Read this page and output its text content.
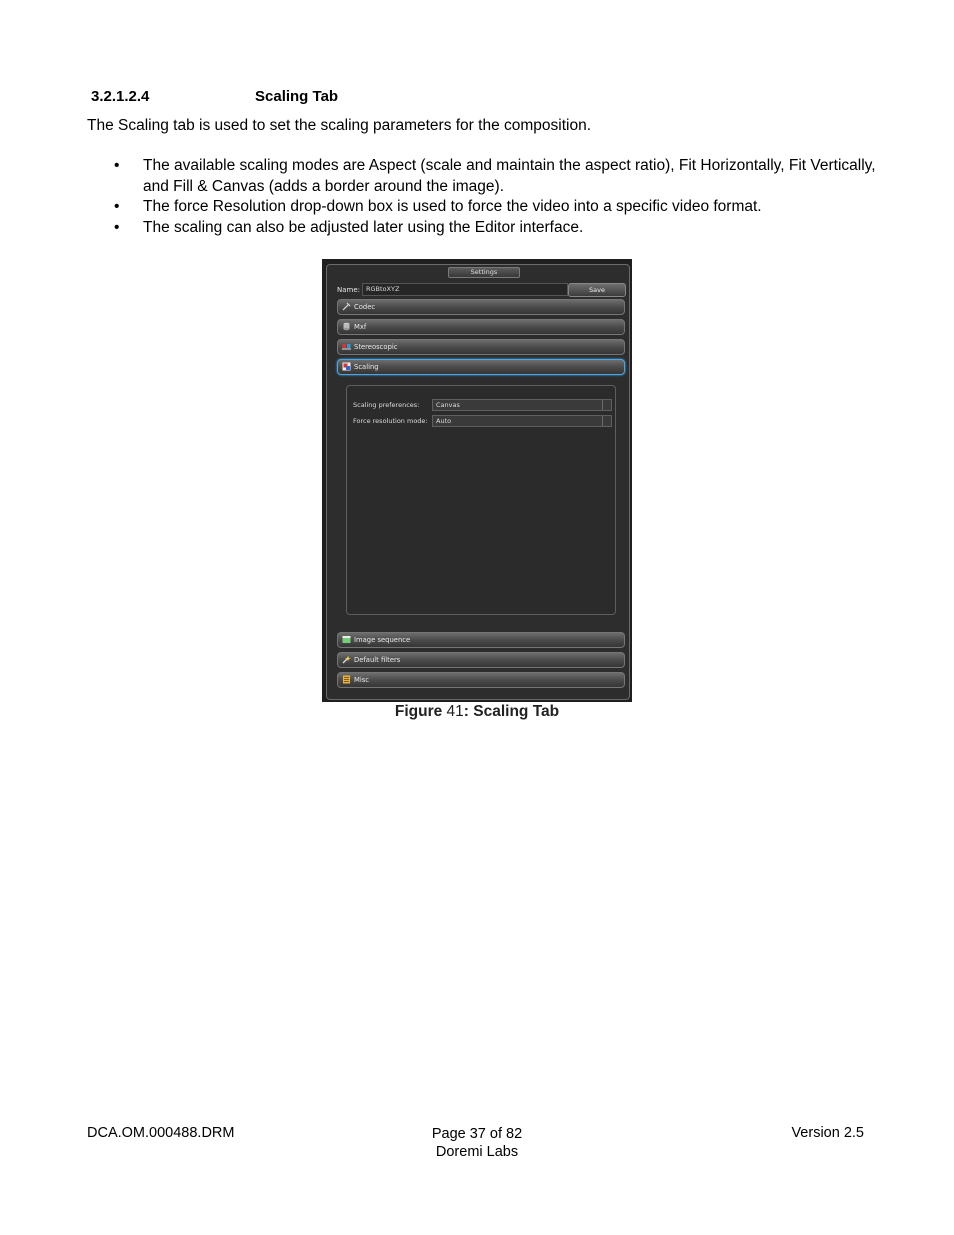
3.2.1.2.4	Scaling Tab
The Scaling tab is used to set the scaling parameters for the composition.
• The available scaling modes are Aspect (scale and maintain the aspect ratio), Fit Horizontally, Fit Vertically, and Fill & Canvas (adds a border around the image).
• The force Resolution drop-down box is used to force the video into a specific video format.
• The scaling can also be adjusted later using the Editor interface.
Settings
Name: RGBtoXYZ	Save
Codec
Mxf
Stereoscopic
Scaling
Scaling preferences:	Canvas
Force resolution mode:	Auto
Image sequence
Default filters
Misc
Figure 41: Scaling Tab
DCA.OM.000488.DRM	Page 37 of 82
Doremi Labs
Version 2.5
